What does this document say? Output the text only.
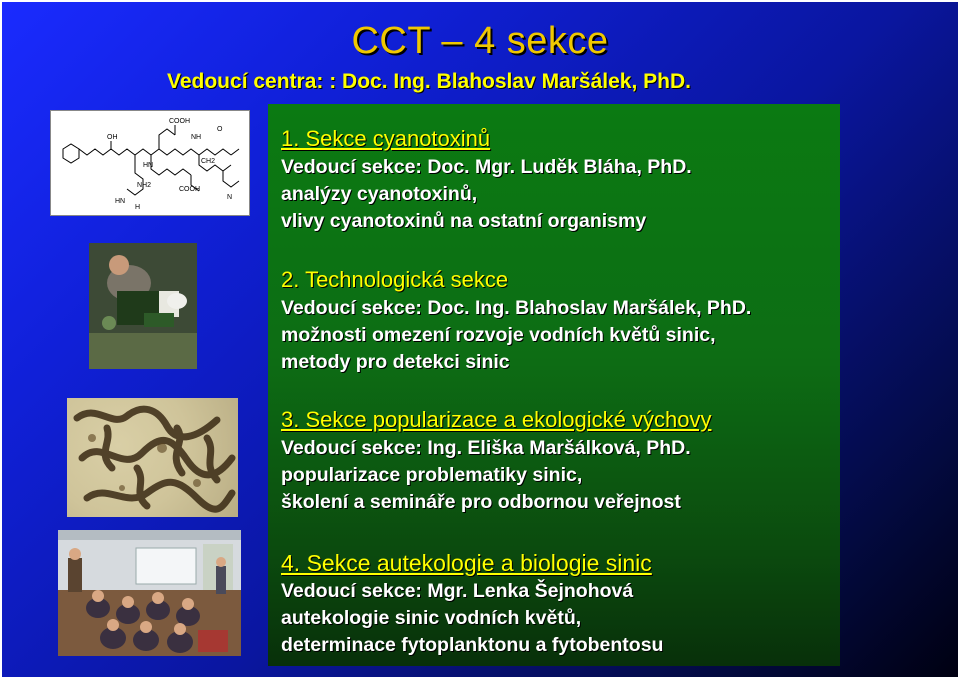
CCT – 4 sekce
Vedoucí centra: : Doc. Ing. Blahoslav Maršálek, PhD.
1. Sekce cyanotoxinů
Vedoucí sekce: Doc. Mgr. Luděk Bláha, PhD.
analýzy cyanotoxinů,
vlivy cyanotoxinů na ostatní organismy
2. Technologická sekce
Vedoucí sekce: Doc. Ing. Blahoslav Maršálek, PhD.
možnosti omezení rozvoje vodních květů sinic,
metody pro detekci sinic
3. Sekce popularizace a ekologické výchovy
Vedoucí sekce: Ing. Eliška Maršálková, PhD.
popularizace problematiky sinic,
školení a semináře pro odbornou veřejnost
4. Sekce autekologie a biologie sinic
Vedoucí sekce: Mgr. Lenka Šejnohová
autekologie sinic vodních květů,
determinace fytoplanktonu a fytobentosu
OH
COOH
O
NH
HN
CH2
COOH
NH2
HN
H
N
